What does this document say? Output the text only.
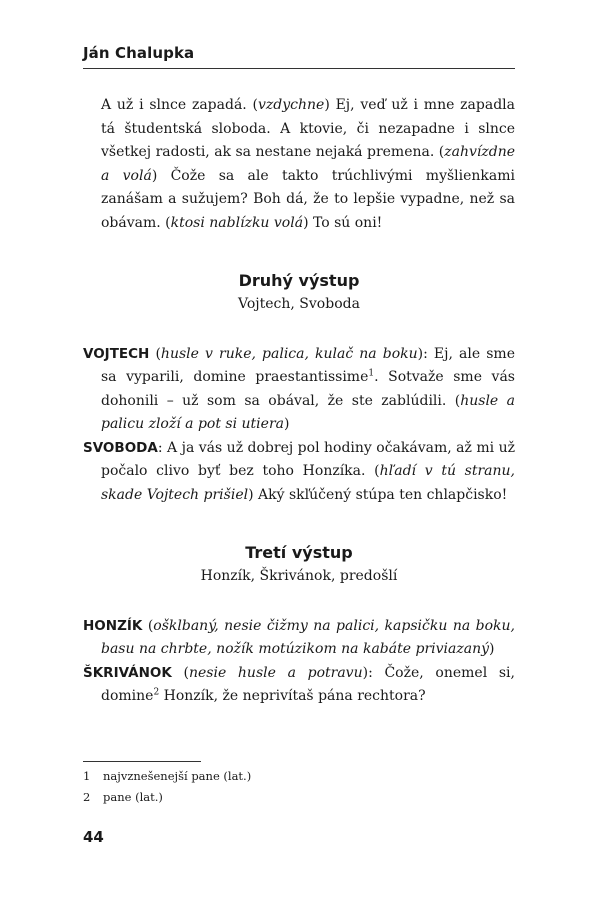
Ján Chalupka

A už i slnce zapadá. (vzdychne) Ej, veď už i mne zapadla tá študentská sloboda. A ktovie, či nezapadne i slnce všetkej radosti, ak sa nestane nejaká premena. (zahvízdne a volá) Čože sa ale takto trúchlivými myšlienkami zanášam a sužujem? Boh dá, že to lepšie vypadne, než sa obávam. (ktosi nablízku volá) To sú oni!

Druhý výstup
Vojtech, Svoboda

VOJTECH (husle v ruke, palica, kulač na boku): Ej, ale sme sa vyparili, domine praestantissime$^1$. Sotvaže sme vás dohonili – už som sa obával, že ste zablúdili. (husle a palicu zloží a pot si utiera)

SVOBODA: A ja vás už dobrej pol hodiny očakávam, až mi už počalo clivo byť bez toho Honzíka. (hľadí v tú stranu, skade Vojtech prišiel) Aký skľúčený stúpa ten chlapčisko!

Tretí výstup
Honzík, Škrivánok, predošlí

HONZÍK (ošklbaný, nesie čižmy na palici, kapsičku na boku, basu na chrbte, nožík motúzikom na kabáte priviazaný)

ŠKRIVÁNOK (nesie husle a potravu): Čože, onemel si, domine$^2$ Honzík, že neprivítaš pána rechtora?

1 najvznešenejší pane (lat.)
2 pane (lat.)
44
